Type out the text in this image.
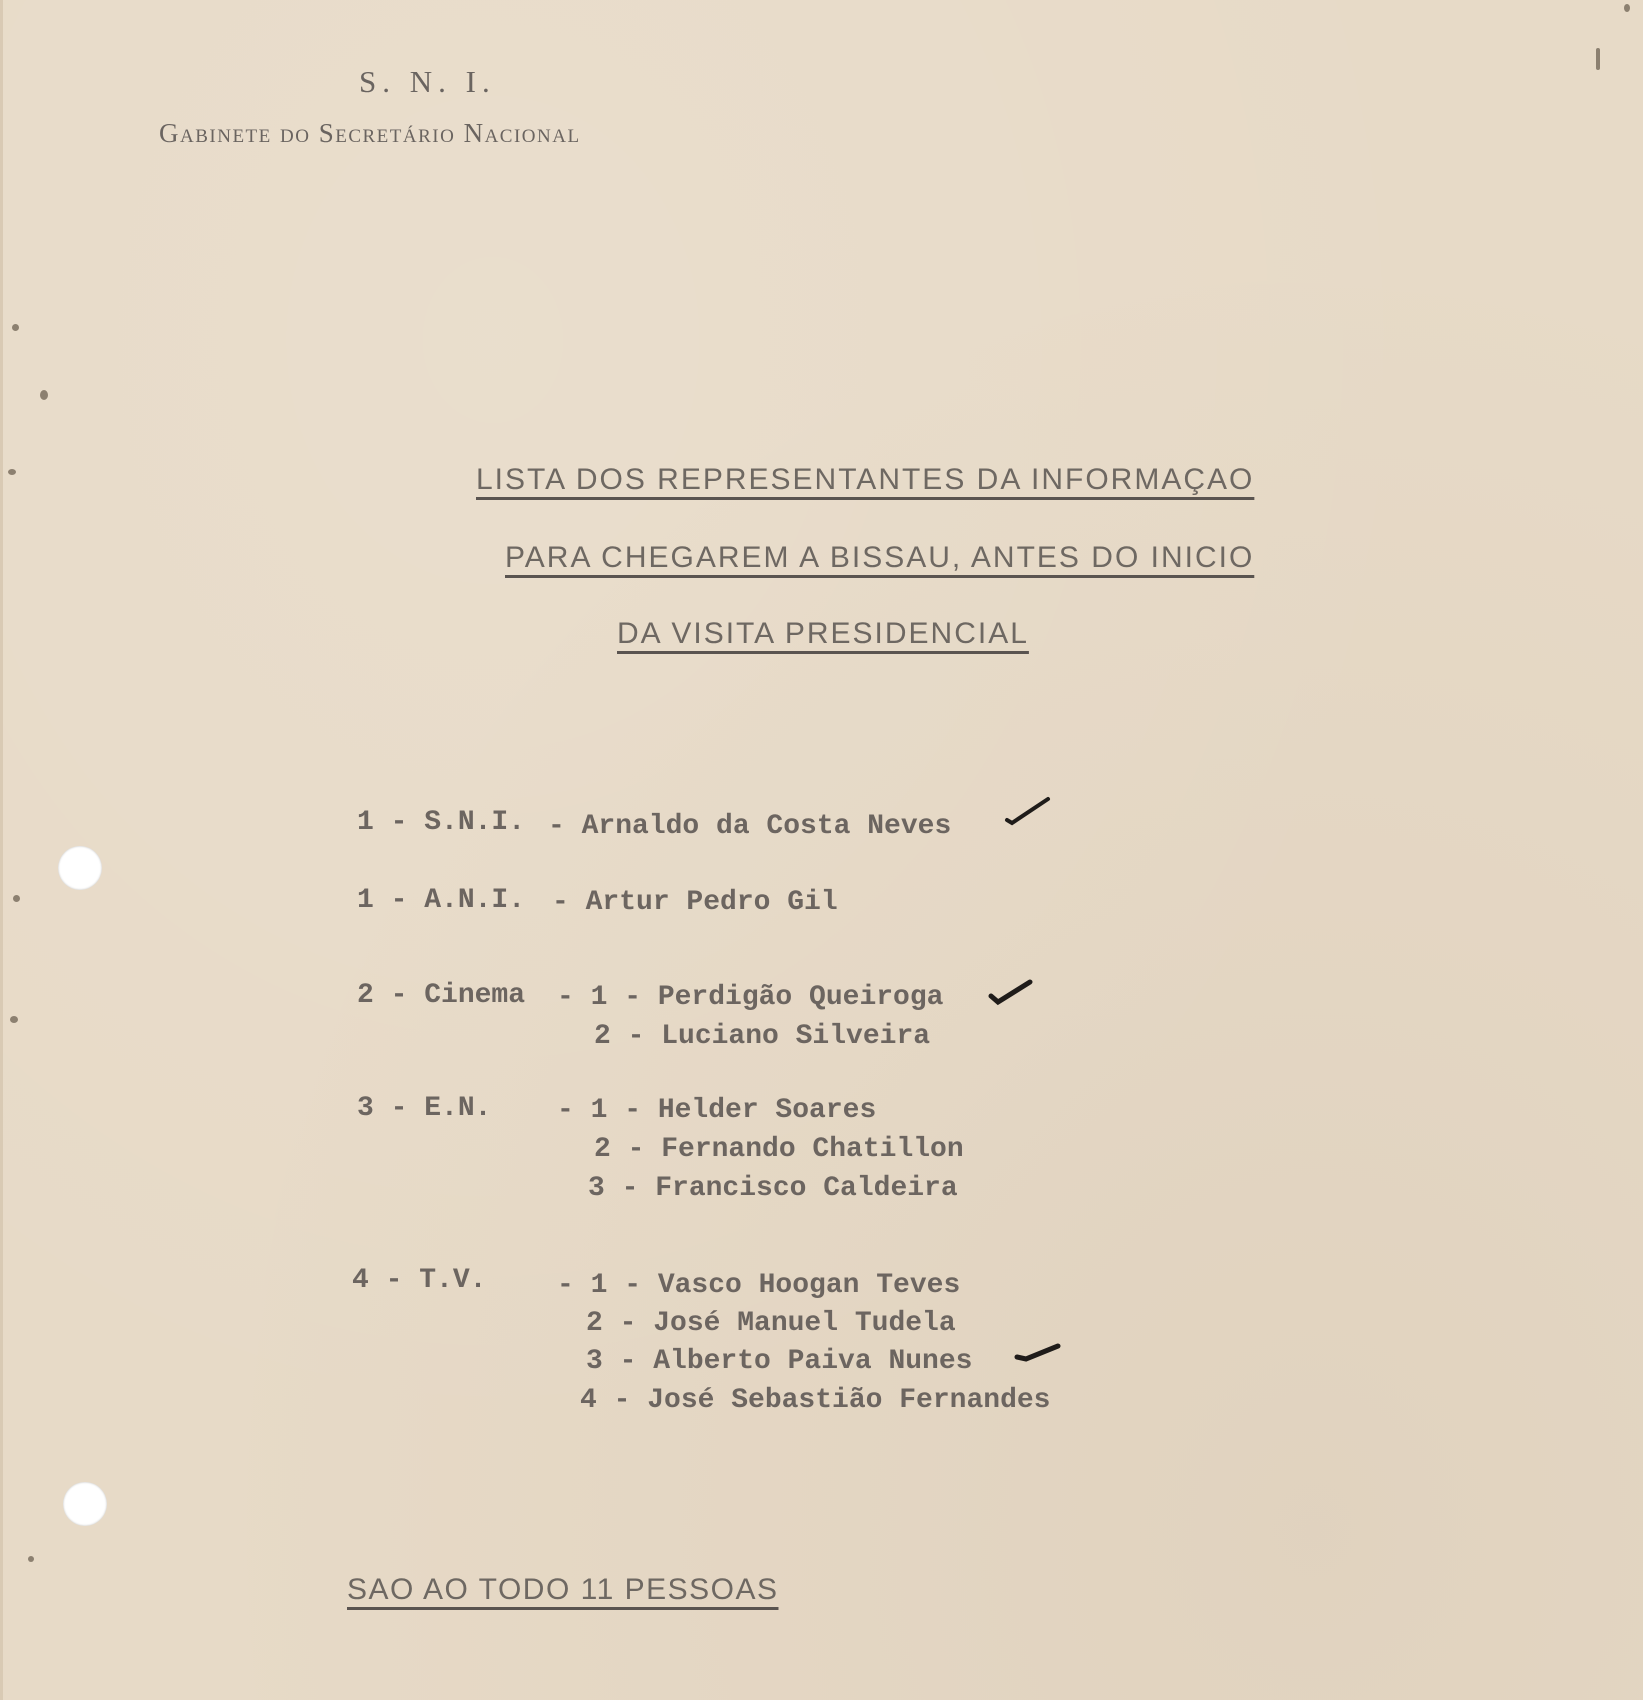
S. N. I.

Gabinete do Secretário Nacional

LISTA DOS REPRESENTANTES DA INFORMAÇAO

PARA CHEGAREM A BISSAU, ANTES DO INICIO

DA VISITA PRESIDENCIAL

1 - S.N.I. - Arnaldo da Costa Neves
1 - A.N.I. - Artur Pedro Gil
2 - Cinema - 1 - Perdigão Queiroga
2 - Luciano Silveira
3 - E.N. - 1 - Helder Soares
2 - Fernando Chatillon
3 - Francisco Caldeira
4 - T.V.	- 1 - Vasco Hoogan Teves
2 - José Manuel Tudela
3 - Alberto Paiva Nunes
4 - José Sebastião Fernandes

SAO AO TODO 11 PESSOAS
